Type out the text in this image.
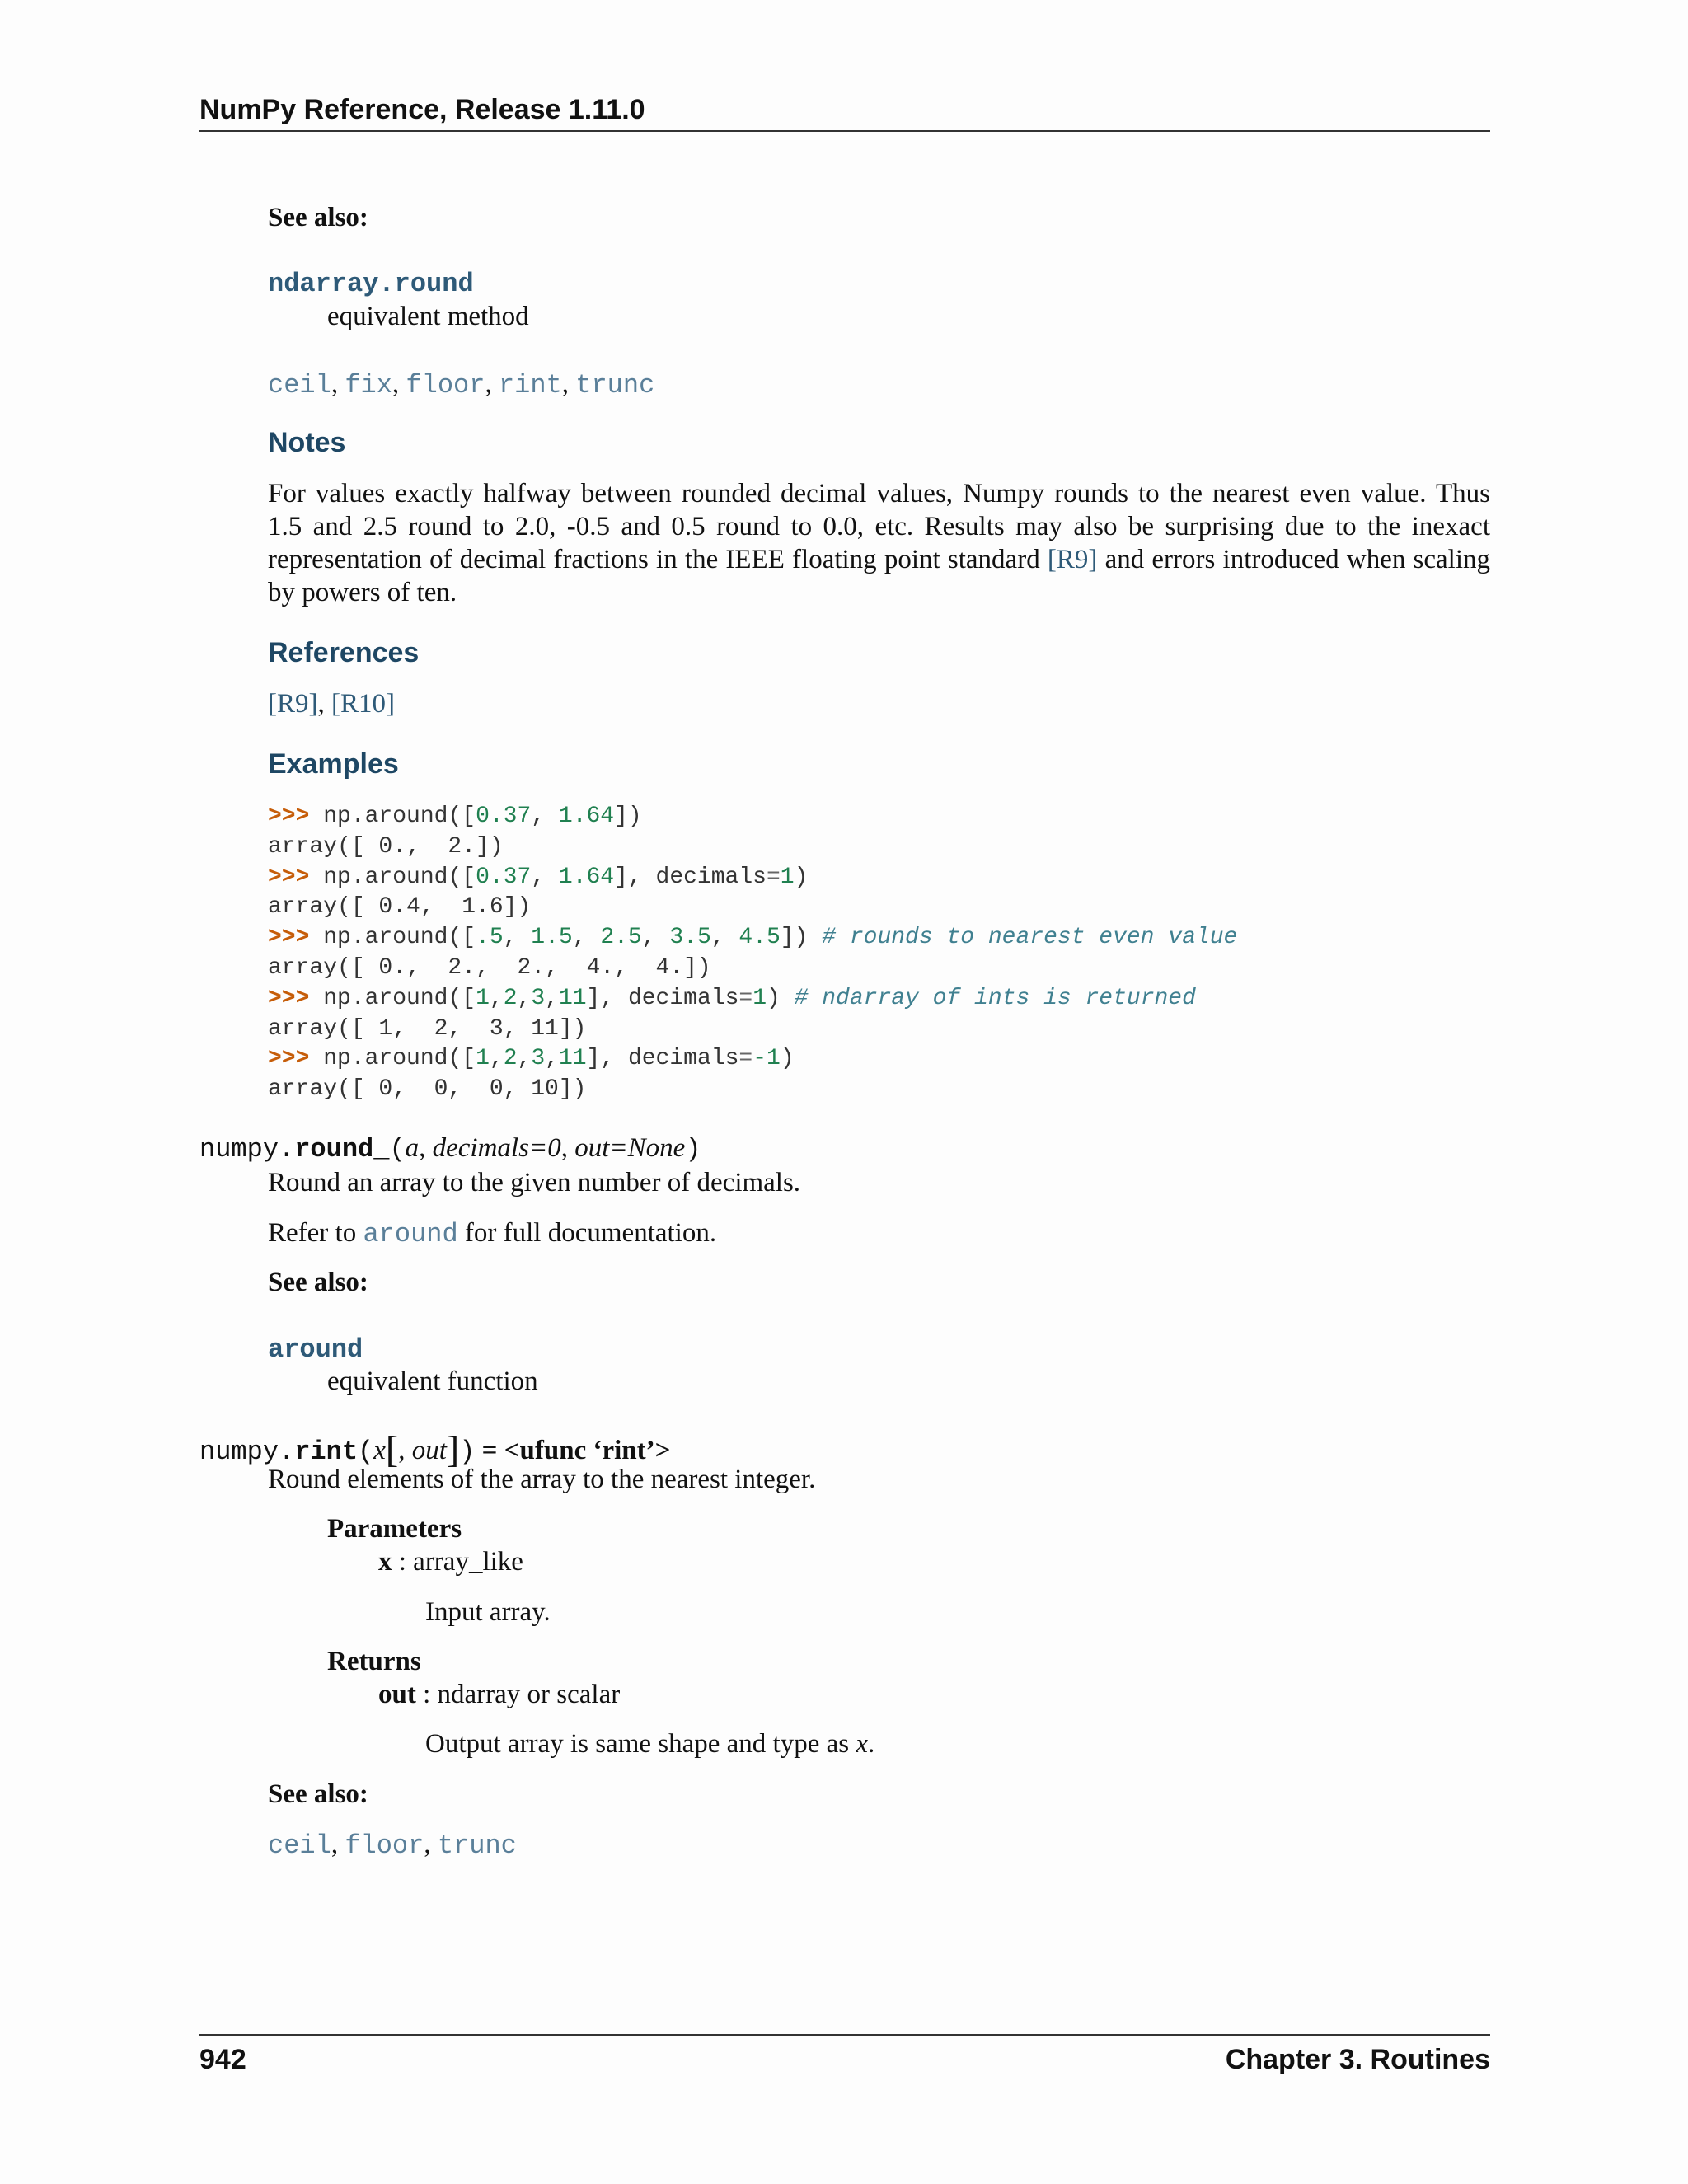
NumPy Reference, Release 1.11.0
See also:
ndarray.round
equivalent method
ceil, fix, floor, rint, trunc
Notes
For values exactly halfway between rounded decimal values, Numpy rounds to the nearest even value. Thus
1.5 and 2.5 round to 2.0, -0.5 and 0.5 round to 0.0, etc. Results may also be surprising due to the inexact
representation of decimal fractions in the IEEE floating point standard [R9] and errors introduced when scaling
by powers of ten.
References
[R9], [R10]
Examples
>>> np.around([0.37, 1.64])
array([ 0.,  2.])
>>> np.around([0.37, 1.64], decimals=1)
array([ 0.4,  1.6])
>>> np.around([.5, 1.5, 2.5, 3.5, 4.5]) # rounds to nearest even value
array([ 0.,  2.,  2.,  4.,  4.])
>>> np.around([1,2,3,11], decimals=1) # ndarray of ints is returned
array([ 1,  2,  3, 11])
>>> np.around([1,2,3,11], decimals=-1)
array([ 0,  0,  0, 10])
numpy.round_(a, decimals=0, out=None)
Round an array to the given number of decimals.
Refer to around for full documentation.
See also:
around
equivalent function
numpy.rint(x[, out]) = <ufunc ‘rint’>
Round elements of the array to the nearest integer.
Parameters
x : array_like
Input array.
Returns
out : ndarray or scalar
Output array is same shape and type as x.
See also:
ceil, floor, trunc
942	Chapter 3. Routines
